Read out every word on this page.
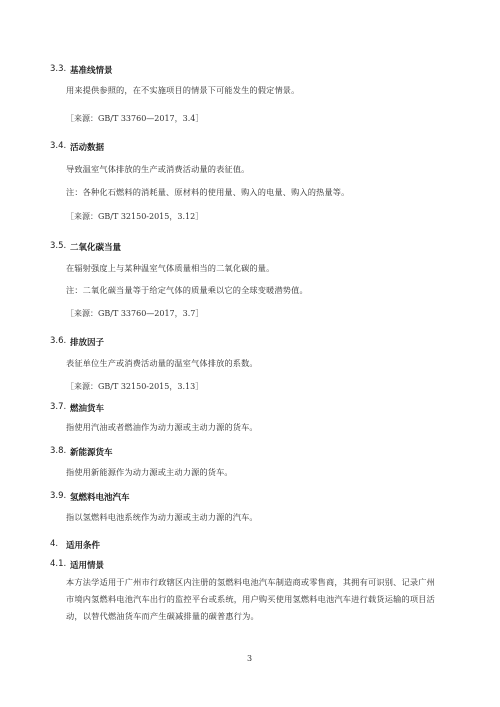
3.3. 基准线情景
用来提供参照的，在不实施项目的情景下可能发生的假定情景。
［来源：GB/T 33760—2017，3.4］
3.4. 活动数据
导致温室气体排放的生产或消费活动量的表征值。
注：各种化石燃料的消耗量、原材料的使用量、购入的电量、购入的热量等。
［来源：GB/T 32150-2015，3.12］
3.5. 二氧化碳当量
在辐射强度上与某种温室气体质量相当的二氧化碳的量。
注：二氧化碳当量等于给定气体的质量乘以它的全球变暖潜势值。
［来源：GB/T 33760—2017，3.7］
3.6. 排放因子
表征单位生产或消费活动量的温室气体排放的系数。
［来源：GB/T 32150-2015，3.13］
3.7. 燃油货车
指使用汽油或者燃油作为动力源或主动力源的货车。
3.8. 新能源货车
指使用新能源作为动力源或主动力源的货车。
3.9. 氢燃料电池汽车
指以氢燃料电池系统作为动力源或主动力源的汽车。
4. 适用条件
4.1. 适用情景
本方法学适用于广州市行政辖区内注册的氢燃料电池汽车制造商或零售商，其拥有可识别、记录广州市境内氢燃料电池汽车出行的监控平台或系统，用户购买使用氢燃料电池汽车进行载货运输的项目活动，以替代燃油货车而产生碳减排量的碳普惠行为。
3
